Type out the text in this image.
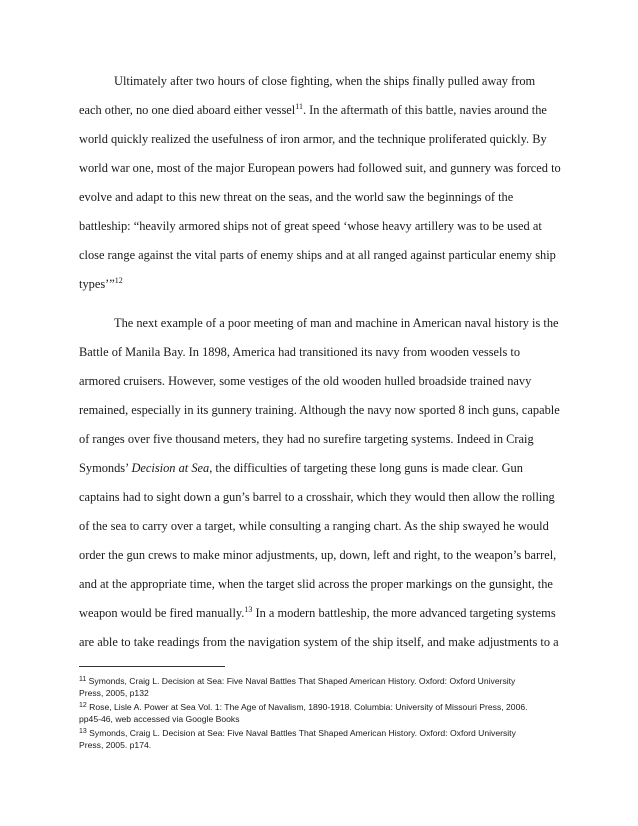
Ultimately after two hours of close fighting, when the ships finally pulled away from
each other, no one died aboard either vessel$^{11}$. In the aftermath of this battle, navies around the
world quickly realized the usefulness of iron armor, and the technique proliferated quickly. By
world war one, most of the major European powers had followed suit, and gunnery was forced to
evolve and adapt to this new threat on the seas, and the world saw the beginnings of the
battleship: “heavily armored ships not of great speed ‘whose heavy artillery was to be used at
close range against the vital parts of enemy ships and at all ranged against particular enemy ship
types’”$^{12}$
The next example of a poor meeting of man and machine in American naval history is the
Battle of Manila Bay. In 1898, America had transitioned its navy from wooden vessels to
armored cruisers. However, some vestiges of the old wooden hulled broadside trained navy
remained, especially in its gunnery training. Although the navy now sported 8 inch guns, capable
of ranges over five thousand meters, they had no surefire targeting systems. Indeed in Craig
Symonds’ Decision at Sea, the difficulties of targeting these long guns is made clear. Gun
captains had to sight down a gun’s barrel to a crosshair, which they would then allow the rolling
of the sea to carry over a target, while consulting a ranging chart. As the ship swayed he would
order the gun crews to make minor adjustments, up, down, left and right, to the weapon’s barrel,
and at the appropriate time, when the target slid across the proper markings on the gunsight, the
weapon would be fired manually.$^{13}$ In a modern battleship, the more advanced targeting systems
are able to take readings from the navigation system of the ship itself, and make adjustments to a
$^{11}$ Symonds, Craig L. Decision at Sea: Five Naval Battles That Shaped American History. Oxford: Oxford University
Press, 2005, p132
$^{12}$ Rose, Lisle A. Power at Sea Vol. 1: The Age of Navalism, 1890-1918. Columbia: University of Missouri Press, 2006.
pp45-46, web accessed via Google Books
$^{13}$ Symonds, Craig L. Decision at Sea: Five Naval Battles That Shaped American History. Oxford: Oxford University
Press, 2005. p174.
